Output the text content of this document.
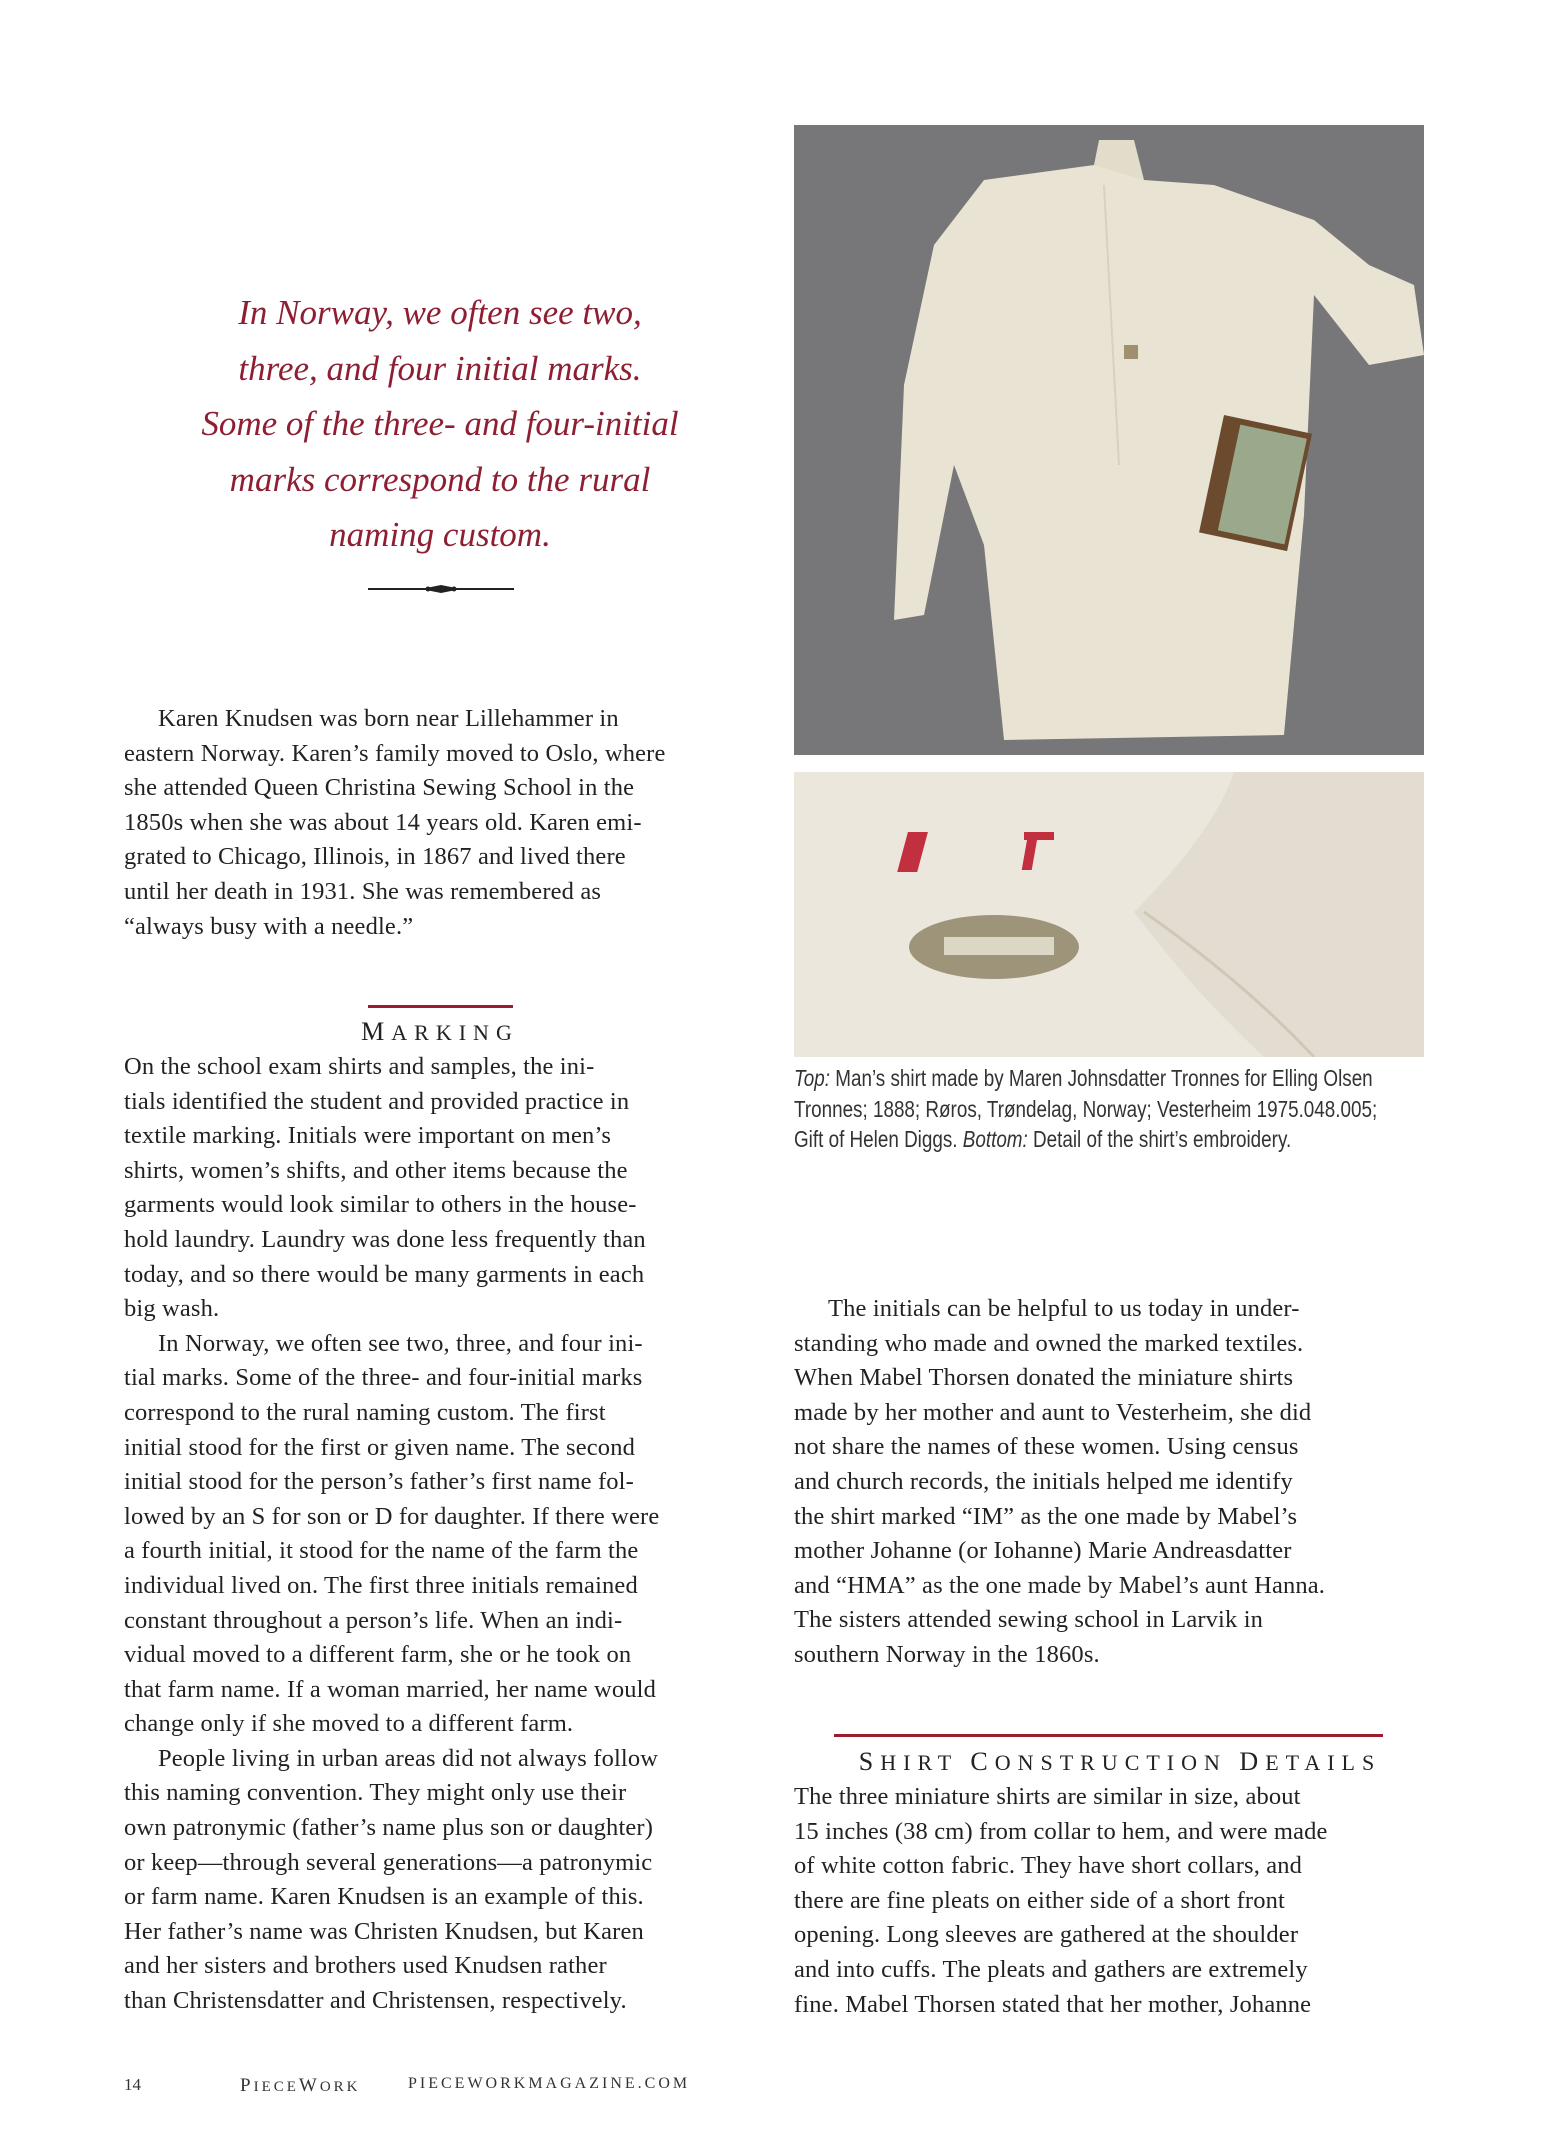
In Norway, we often see two,
three, and four initial marks.
Some of the three- and four-initial
marks correspond to the rural
naming custom.
Karen Knudsen was born near Lillehammer in
eastern Norway. Karen’s family moved to Oslo, where
she attended Queen Christina Sewing School in the
1850s when she was about 14 years old. Karen emi-
grated to Chicago, Illinois, in 1867 and lived there
until her death in 1931. She was remembered as
“always busy with a needle.”
MARKING
On the school exam shirts and samples, the ini-
tials identified the student and provided practice in
textile marking. Initials were important on men’s
shirts, women’s shifts, and other items because the
garments would look similar to others in the house-
hold laundry. Laundry was done less frequently than
today, and so there would be many garments in each
big wash.
In Norway, we often see two, three, and four ini-
tial marks. Some of the three- and four-initial marks
correspond to the rural naming custom. The first
initial stood for the first or given name. The second
initial stood for the person’s father’s first name fol-
lowed by an S for son or D for daughter. If there were
a fourth initial, it stood for the name of the farm the
individual lived on. The first three initials remained
constant throughout a person’s life. When an indi-
vidual moved to a different farm, she or he took on
that farm name. If a woman married, her name would
change only if she moved to a different farm.
People living in urban areas did not always follow
this naming convention. They might only use their
own patronymic (father’s name plus son or daughter)
or keep—through several generations—a patronymic
or farm name. Karen Knudsen is an example of this.
Her father’s name was Christen Knudsen, but Karen
and her sisters and brothers used Knudsen rather
than Christensdatter and Christensen, respectively.
Top: Man’s shirt made by Maren Johnsdatter Tronnes for Elling Olsen
Tronnes; 1888; Røros, Trøndelag, Norway; Vesterheim 1975.048.005;
Gift of Helen Diggs. Bottom: Detail of the shirt’s embroidery.
The initials can be helpful to us today in under-
standing who made and owned the marked textiles.
When Mabel Thorsen donated the miniature shirts
made by her mother and aunt to Vesterheim, she did
not share the names of these women. Using census
and church records, the initials helped me identify
the shirt marked “IM” as the one made by Mabel’s
mother Johanne (or Iohanne) Marie Andreasdatter
and “HMA” as the one made by Mabel’s aunt Hanna.
The sisters attended sewing school in Larvik in
southern Norway in the 1860s.
SHIRT CONSTRUCTION DETAILS
The three miniature shirts are similar in size, about
15 inches (38 cm) from collar to hem, and were made
of white cotton fabric. They have short collars, and
there are fine pleats on either side of a short front
opening. Long sleeves are gathered at the shoulder
and into cuffs. The pleats and gathers are extremely
fine. Mabel Thorsen stated that her mother, Johanne
14	PIECEWORK	PIECEWORKMAGAZINE.COM
